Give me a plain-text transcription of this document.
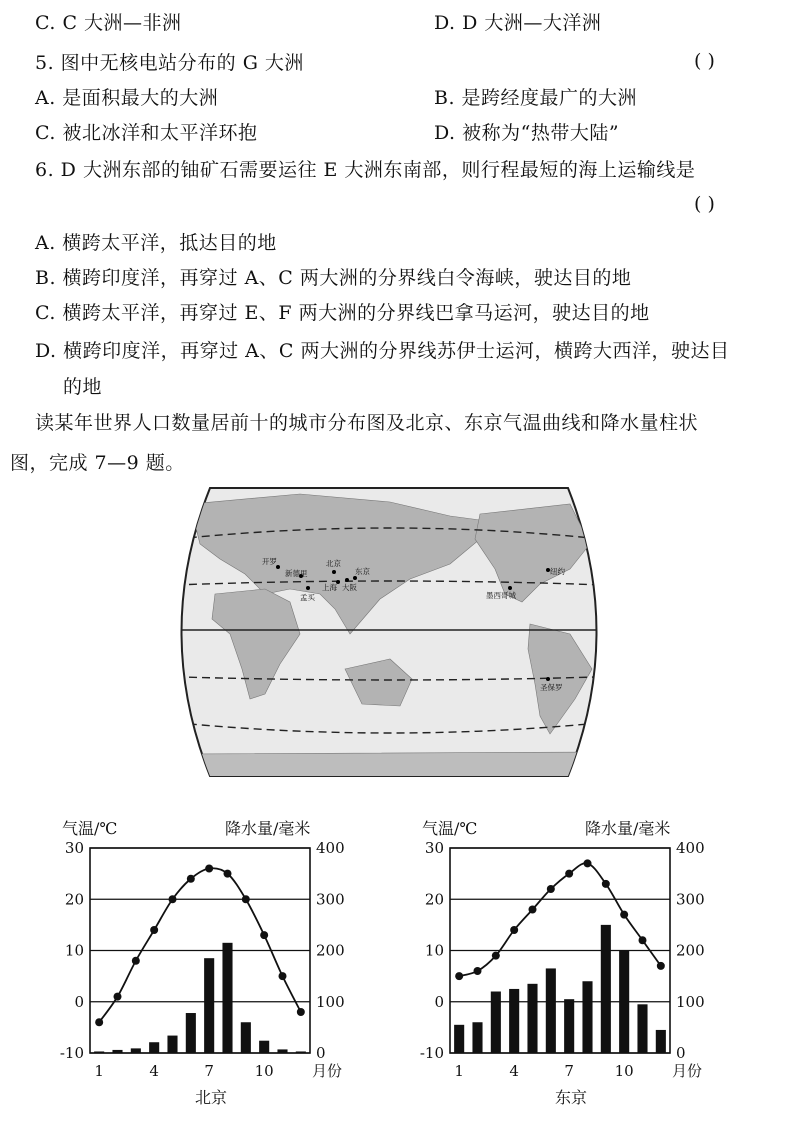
C. C 大洲—非洲	D. D 大洲—大洋洲
5. 图中无核电站分布的 G 大洲	( )
A. 是面积最大的大洲	B. 是跨经度最广的大洲
C. 被北冰洋和太平洋环抱	D. 被称为“热带大陆”
6. D 大洲东部的铀矿石需要运往 E 大洲东南部，则行程最短的海上运输线是
( )
A. 横跨太平洋，抵达目的地
B. 横跨印度洋，再穿过 A、C 两大洲的分界线白令海峡，驶达目的地
C. 横跨太平洋，再穿过 E、F 两大洲的分界线巴拿马运河，驶达目的地
D. 横跨印度洋，再穿过 A、C 两大洲的分界线苏伊士运河，横跨大西洋，驶达目
的地
读某年世界人口数量居前十的城市分布图及北京、东京气温曲线和降水量柱状
图，完成 7—9 题。
开罗
新德里
北京
上海 大阪
墨西哥城
圣保罗
纽约
孟买
东京
气温/℃	降水量/毫米
30
20
10
0
-10
400
300
200
100
0
1	4	7	10	月份
北京
气温/℃	降水量/毫米
30
20
10
0
-10
400
300
200
100
0
1	4	7	10	月份
东京
